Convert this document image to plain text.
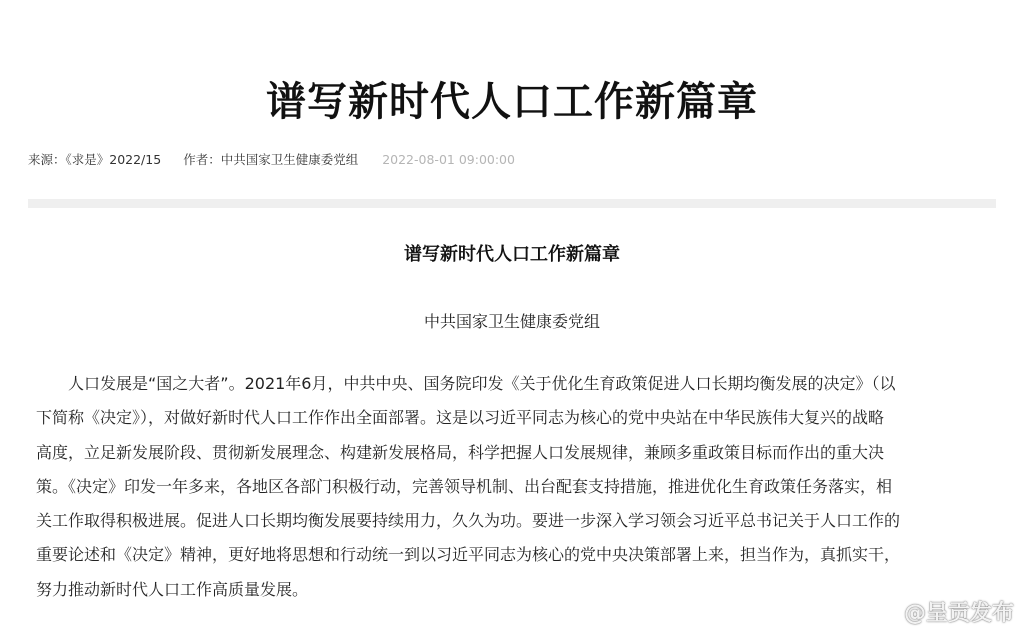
谱写新时代人口工作新篇章
来源：《求是》2022/15 作者：中共国家卫生健康委党组 2022-08-01 09:00:00
谱写新时代人口工作新篇章
中共国家卫生健康委党组

人口发展是“国之大者”。2021年6月，中共中央、国务院印发《关于优化生育政策促进人口长期均衡发展的决定》（以
下简称《决定》），对做好新时代人口工作作出全面部署。这是以习近平同志为核心的党中央站在中华民族伟大复兴的战略
高度，立足新发展阶段、贯彻新发展理念、构建新发展格局，科学把握人口发展规律，兼顾多重政策目标而作出的重大决
策。《决定》印发一年多来，各地区各部门积极行动，完善领导机制、出台配套支持措施，推进优化生育政策任务落实，相
关工作取得积极进展。促进人口长期均衡发展要持续用力，久久为功。要进一步深入学习领会习近平总书记关于人口工作的
重要论述和《决定》精神，更好地将思想和行动统一到以习近平同志为核心的党中央决策部署上来，担当作为，真抓实干，
努力推动新时代人口工作高质量发展。

@呈贡发布
